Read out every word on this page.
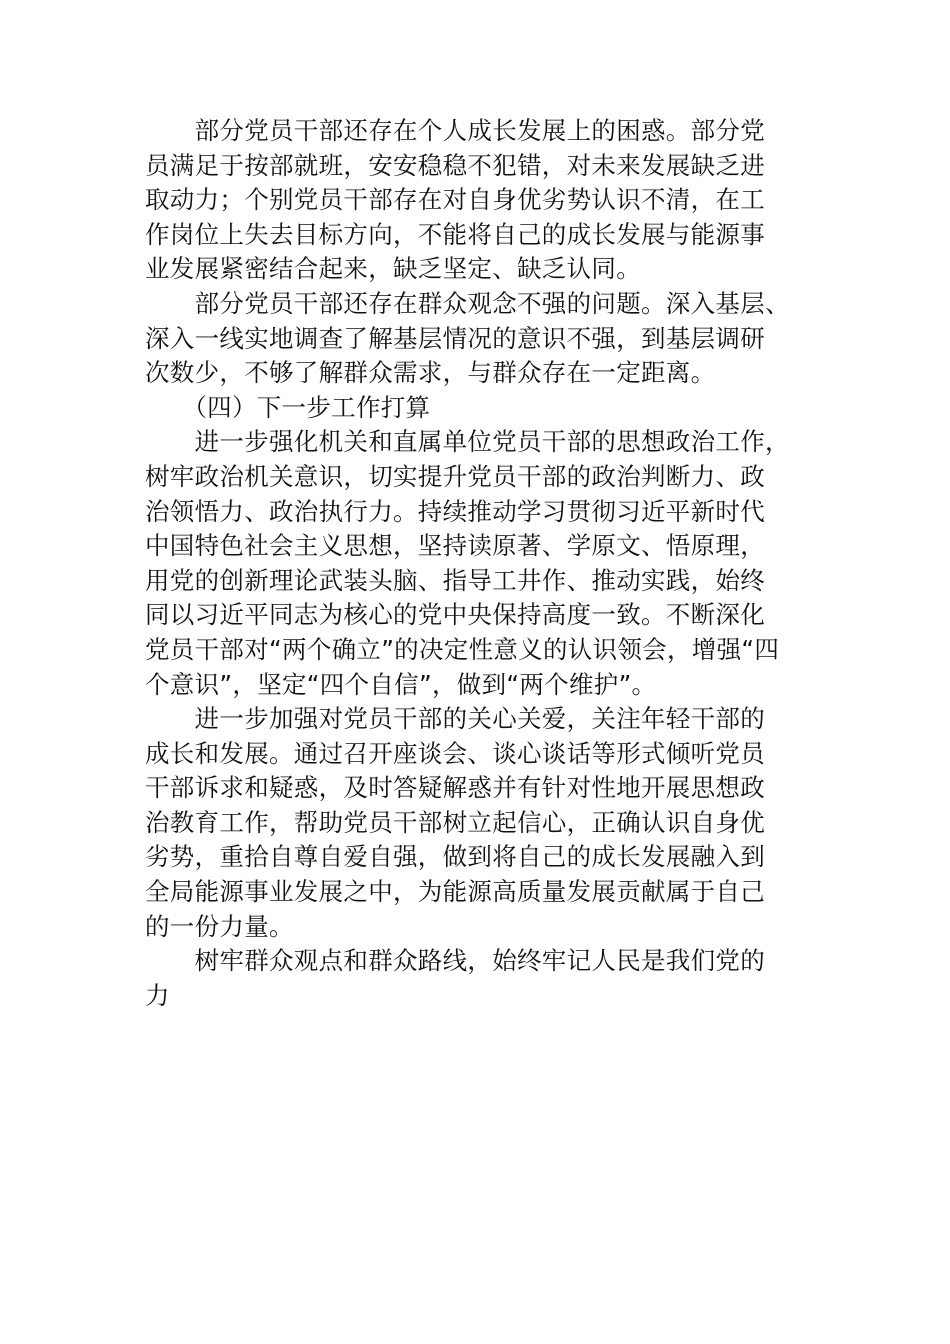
　　部分党员干部还存在个人成长发展上的困惑。部分党
员满足于按部就班，安安稳稳不犯错，对未来发展缺乏进
取动力；个别党员干部存在对自身优劣势认识不清，在工
作岗位上失去目标方向，不能将自己的成长发展与能源事
业发展紧密结合起来，缺乏坚定、缺乏认同。
　　部分党员干部还存在群众观念不强的问题。深入基层、
深入一线实地调查了解基层情况的意识不强，到基层调研
次数少，不够了解群众需求，与群众存在一定距离。
　　（四）下一步工作打算
　　进一步强化机关和直属单位党员干部的思想政治工作，
树牢政治机关意识，切实提升党员干部的政治判断力、政
治领悟力、政治执行力。持续推动学习贯彻习近平新时代
中国特色社会主义思想，坚持读原著、学原文、悟原理，
用党的创新理论武装头脑、指导工井作、推动实践，始终
同以习近平同志为核心的党中央保持高度一致。不断深化
党员干部对“两个确立”的决定性意义的认识领会，增强“四
个意识”，坚定“四个自信”，做到“两个维护”。
　　进一步加强对党员干部的关心关爱，关注年轻干部的
成长和发展。通过召开座谈会、谈心谈话等形式倾听党员
干部诉求和疑惑，及时答疑解惑并有针对性地开展思想政
治教育工作，帮助党员干部树立起信心，正确认识自身优
劣势，重拾自尊自爱自强，做到将自己的成长发展融入到
全局能源事业发展之中，为能源高质量发展贡献属于自己
的一份力量。
　　树牢群众观点和群众路线，始终牢记人民是我们党的
力
